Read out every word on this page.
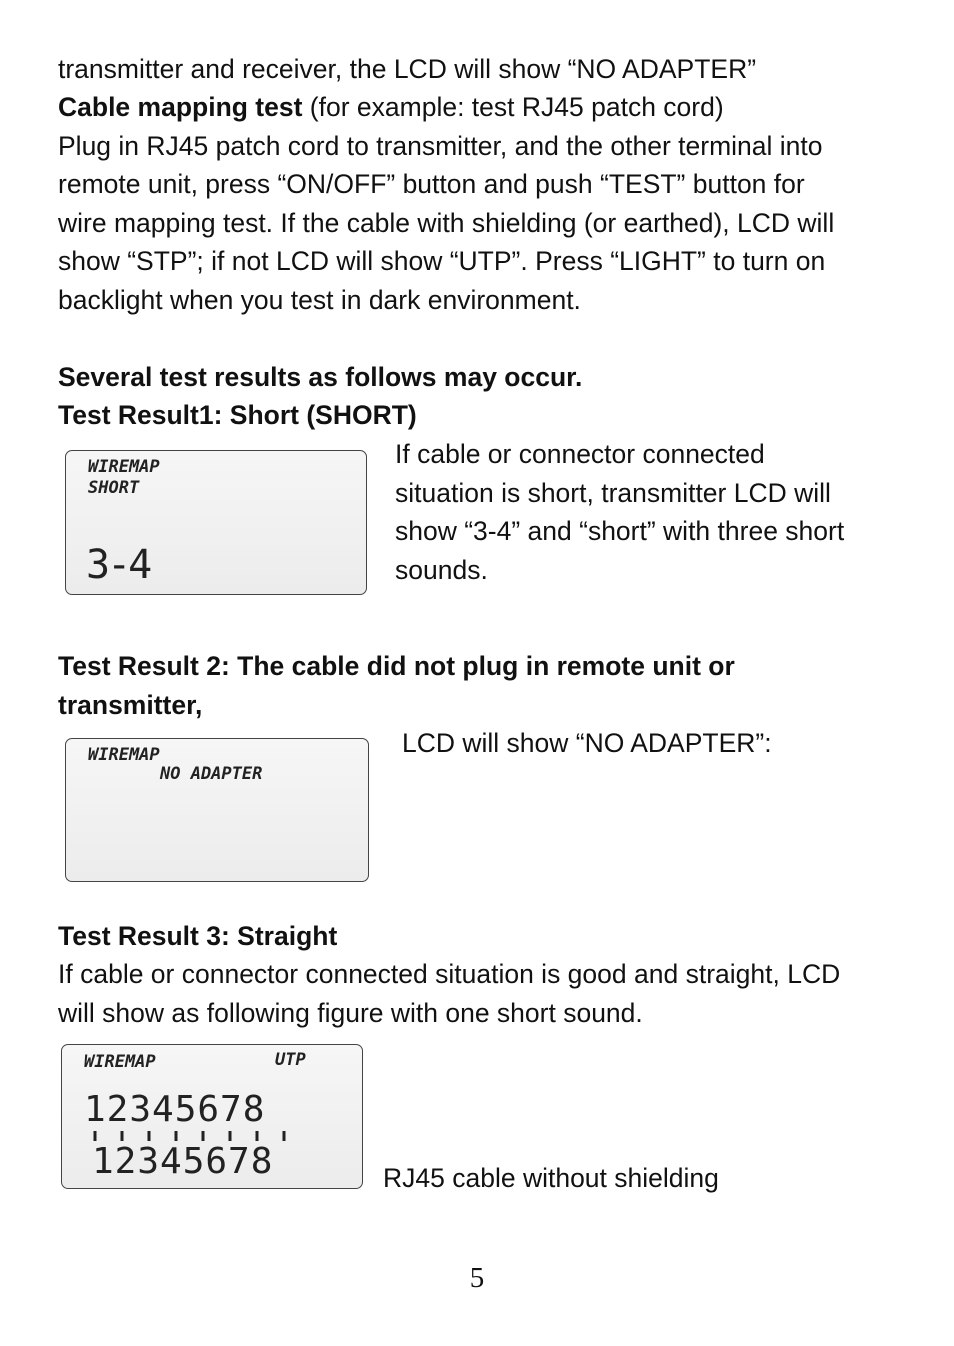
transmitter and receiver, the LCD will show “NO ADAPTER”

Cable mapping test (for example: test RJ45 patch cord)

Plug in RJ45 patch cord to transmitter, and the other terminal into

remote unit, press “ON/OFF” button and push “TEST” button for

wire mapping test. If the cable with shielding (or earthed), LCD will

show “STP”; if not LCD will show “UTP”. Press “LIGHT” to turn on

backlight when you test in dark environment.

Several test results as follows may occur.

Test Result1: Short (SHORT)

WIREMAP
SHORT
3-4
If cable or connector connected
situation is short, transmitter LCD will
show “3-4” and “short” with three short
sounds.

Test Result 2: The cable did not plug in remote unit or

transmitter,

WIREMAP
NO ADAPTER
LCD will show “NO ADAPTER”:

Test Result 3: Straight

If cable or connector connected situation is good and straight, LCD

will show as following figure with one short sound.

WIREMAP	UTP
12345678
12345678	RJ45 cable without shielding
5
